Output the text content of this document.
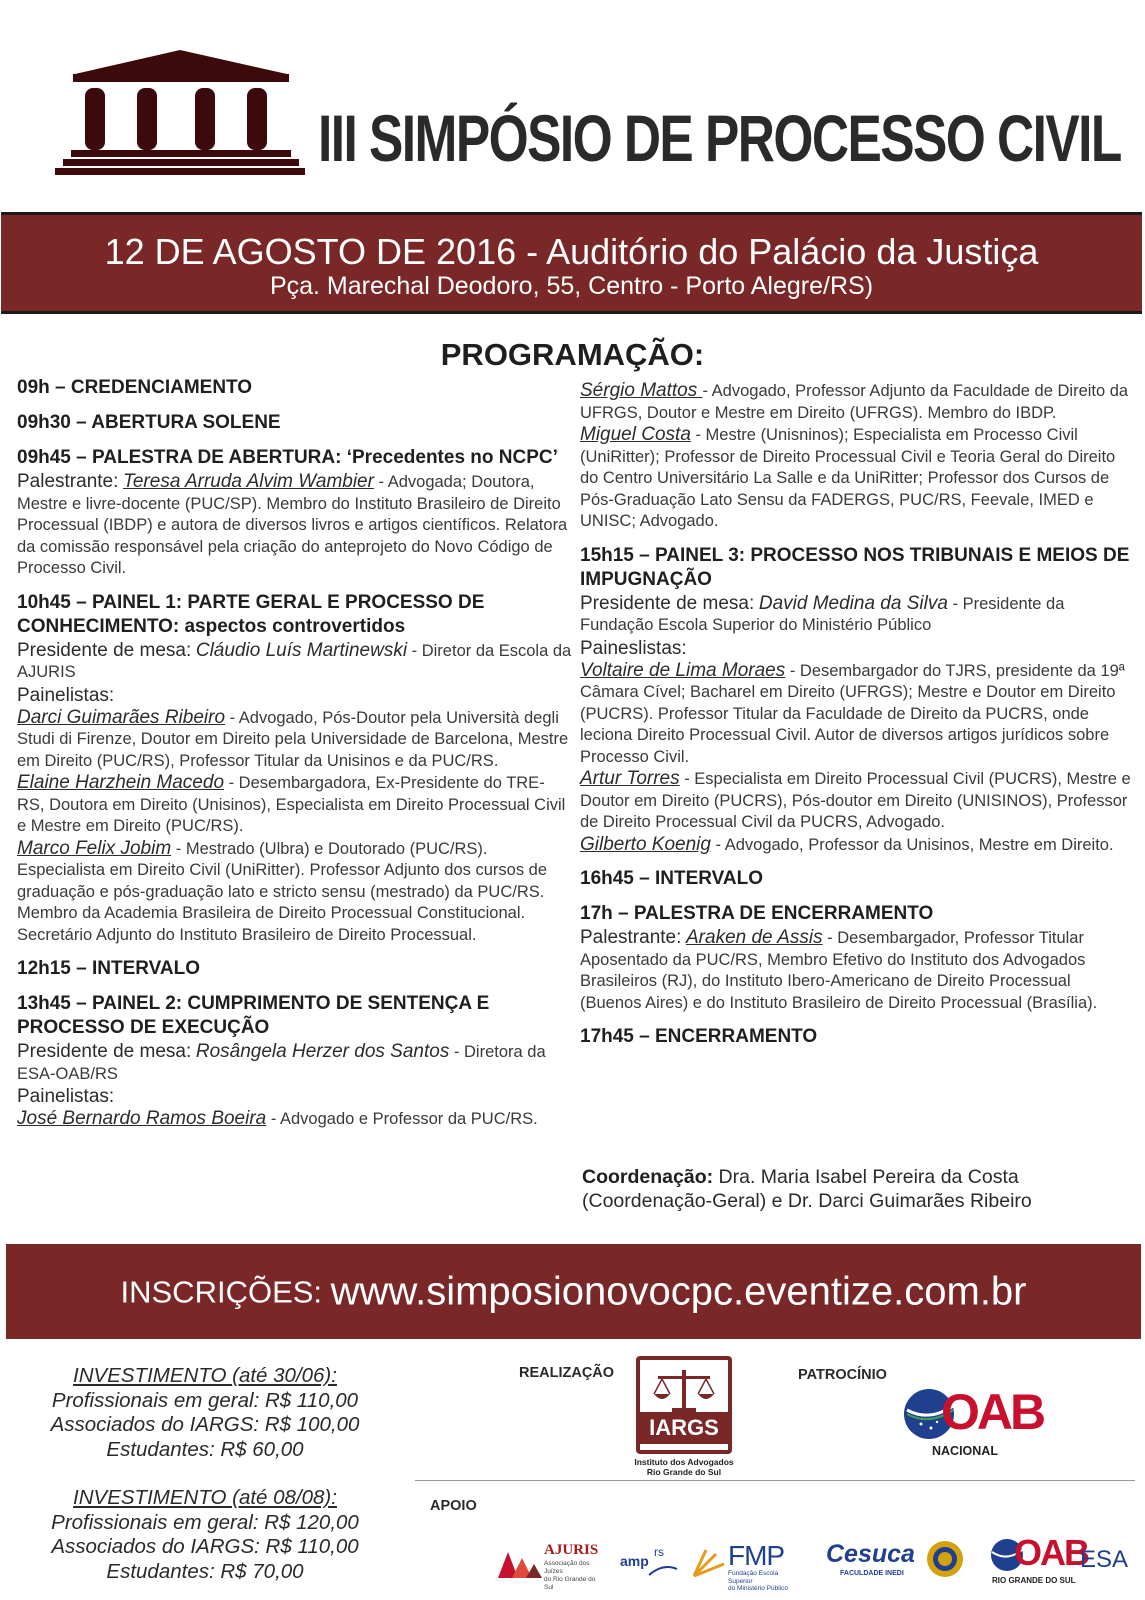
III SIMPÓSIO DE PROCESSO CIVIL
12 DE AGOSTO DE 2016 - Auditório do Palácio da Justiça
Pça. Marechal Deodoro, 55, Centro - Porto Alegre/RS)
PROGRAMAÇÃO:

09h – CREDENCIAMENTO

09h30 – ABERTURA SOLENE

09h45 – PALESTRA DE ABERTURA: ‘Precedentes no NCPC’

Palestrante: Teresa Arruda Alvim Wambier - Advogada; Doutora, Mestre e livre-docente (PUC/SP). Membro do Instituto Brasileiro de Direito Processual (IBDP) e autora de diversos livros e artigos científicos. Relatora da comissão responsável pela criação do anteprojeto do Novo Código de Processo Civil.

10h45 – PAINEL 1: PARTE GERAL E PROCESSO DE CONHECIMENTO: aspectos controvertidos

Presidente de mesa: Cláudio Luís Martinewski - Diretor da Escola da AJURIS

Painelistas:

Darci Guimarães Ribeiro - Advogado, Pós-Doutor pela Università degli Studi di Firenze, Doutor em Direito pela Universidade de Barcelona, Mestre em Direito (PUC/RS), Professor Titular da Unisinos e da PUC/RS.

Elaine Harzhein Macedo - Desembargadora, Ex-Presidente do TRE-RS, Doutora em Direito (Unisinos), Especialista em Direito Processual Civil e Mestre em Direito (PUC/RS).

Marco Felix Jobim - Mestrado (Ulbra) e Doutorado (PUC/RS). Especialista em Direito Civil (UniRitter). Professor Adjunto dos cursos de graduação e pós-graduação lato e stricto sensu (mestrado) da PUC/RS. Membro da Academia Brasileira de Direito Processual Constitucional. Secretário Adjunto do Instituto Brasileiro de Direito Processual.

12h15 – INTERVALO

13h45 – PAINEL 2: CUMPRIMENTO DE SENTENÇA E PROCESSO DE EXECUÇÃO

Presidente de mesa: Rosângela Herzer dos Santos - Diretora da ESA-OAB/RS

Painelistas:

José Bernardo Ramos Boeira - Advogado e Professor da PUC/RS.

Sérgio Mattos - Advogado, Professor Adjunto da Faculdade de Direito da UFRGS, Doutor e Mestre em Direito (UFRGS). Membro do IBDP.

Miguel Costa - Mestre (Unisninos); Especialista em Processo Civil (UniRitter); Professor de Direito Processual Civil e Teoria Geral do Direito do Centro Universitário La Salle e da UniRitter; Professor dos Cursos de Pós-Graduação Lato Sensu da FADERGS, PUC/RS, Feevale, IMED e UNISC; Advogado.

15h15 – PAINEL 3: PROCESSO NOS TRIBUNAIS E MEIOS DE IMPUGNAÇÃO

Presidente de mesa: David Medina da Silva - Presidente da Fundação Escola Superior do Ministério Público

Paineslistas:

Voltaire de Lima Moraes - Desembargador do TJRS, presidente da 19ª Câmara Cível; Bacharel em Direito (UFRGS); Mestre e Doutor em Direito (PUCRS). Professor Titular da Faculdade de Direito da PUCRS, onde leciona Direito Processual Civil. Autor de diversos artigos jurídicos sobre Processo Civil.

Artur Torres - Especialista em Direito Processual Civil (PUCRS), Mestre e Doutor em Direito (PUCRS), Pós-doutor em Direito (UNISINOS), Professor de Direito Processual Civil da PUCRS, Advogado.

Gilberto Koenig - Advogado, Professor da Unisinos, Mestre em Direito.

16h45 – INTERVALO

17h – PALESTRA DE ENCERRAMENTO

Palestrante: Araken de Assis - Desembargador, Professor Titular Aposentado da PUC/RS, Membro Efetivo do Instituto dos Advogados Brasileiros (RJ), do Instituto Ibero-Americano de Direito Processual (Buenos Aires) e do Instituto Brasileiro de Direito Processual (Brasília).

17h45 – ENCERRAMENTO

Coordenação: Dra. Maria Isabel Pereira da Costa (Coordenação-Geral) e Dr. Darci Guimarães Ribeiro
INSCRIÇÕES: www.simposionovocpc.eventize.com.br
INVESTIMENTO (até 30/06):
Profissionais em geral: R$ 110,00
Associados do IARGS: R$ 100,00
Estudantes: R$ 60,00
INVESTIMENTO (até 08/08):
Profissionais em geral: R$ 120,00
Associados do IARGS: R$ 110,00
Estudantes: R$ 70,00
REALIZAÇÃO	PATROCÍNIO
IARGS
Instituto dos Advogados
Rio Grande do Sul
OAB
NACIONAL
APOIO
AJURIS
Associação dos Juízes
do Rio Grande do Sul
amp
rs FMP
Fundação Escola Superior
do Ministério Público
Cesuca
FACULDADE INEDI
OAB
ESA
RIO GRANDE DO SUL
